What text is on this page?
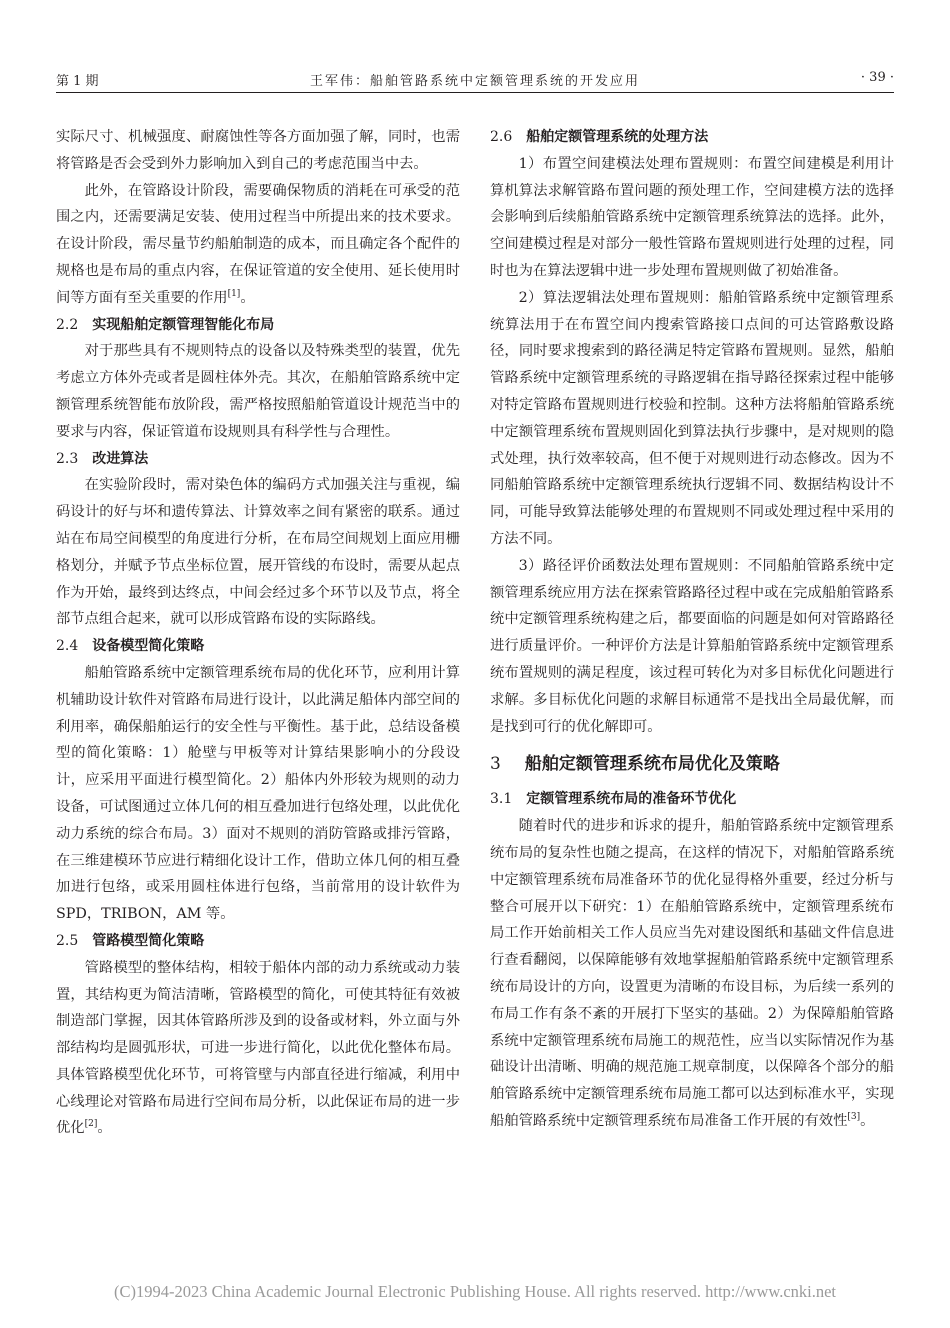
第 1 期	王军伟：船舶管路系统中定额管理系统的开发应用	· 39 ·

实际尺寸、机械强度、耐腐蚀性等各方面加强了解，同时，也需将管路是否会受到外力影响加入到自己的考虑范围当中去。

此外，在管路设计阶段，需要确保物质的消耗在可承受的范围之内，还需要满足安装、使用过程当中所提出来的技术要求。在设计阶段，需尽量节约船舶制造的成本，而且确定各个配件的规格也是布局的重点内容，在保证管道的安全使用、延长使用时间等方面有至关重要的作用[1]。

2.2 实现船舶定额管理智能化布局

对于那些具有不规则特点的设备以及特殊类型的装置，优先考虑立方体外壳或者是圆柱体外壳。其次，在船舶管路系统中定额管理系统智能布放阶段，需严格按照船舶管道设计规范当中的要求与内容，保证管道布设规则具有科学性与合理性。

2.3 改进算法

在实验阶段时，需对染色体的编码方式加强关注与重视，编码设计的好与坏和遗传算法、计算效率之间有紧密的联系。通过站在布局空间模型的角度进行分析，在布局空间规划上面应用栅格划分，并赋予节点坐标位置，展开管线的布设时，需要从起点作为开始，最终到达终点，中间会经过多个环节以及节点，将全部节点组合起来，就可以形成管路布设的实际路线。

2.4 设备模型简化策略

船舶管路系统中定额管理系统布局的优化环节，应利用计算机辅助设计软件对管路布局进行设计，以此满足船体内部空间的利用率，确保船舶运行的安全性与平衡性。基于此，总结设备模型的简化策略：1）舱壁与甲板等对计算结果影响小的分段设计，应采用平面进行模型简化。2）船体内外形较为规则的动力设备，可试图通过立体几何的相互叠加进行包络处理，以此优化动力系统的综合布局。3）面对不规则的消防管路或排污管路，在三维建模环节应进行精细化设计工作，借助立体几何的相互叠加进行包络，或采用圆柱体进行包络，当前常用的设计软件为 SPD，TRIBON，AM 等。

2.5 管路模型简化策略

管路模型的整体结构，相较于船体内部的动力系统或动力装置，其结构更为简洁清晰，管路模型的简化，可使其特征有效被制造部门掌握，因其体管路所涉及到的设备或材料，外立面与外部结构均是圆弧形状，可进一步进行简化，以此优化整体布局。具体管路模型优化环节，可将管壁与内部直径进行缩减，利用中心线理论对管路布局进行空间布局分析，以此保证布局的进一步优化[2]。

2.6 船舶定额管理系统的处理方法

1）布置空间建模法处理布置规则：布置空间建模是利用计算机算法求解管路布置问题的预处理工作，空间建模方法的选择会影响到后续船舶管路系统中定额管理系统算法的选择。此外，空间建模过程是对部分一般性管路布置规则进行处理的过程，同时也为在算法逻辑中进一步处理布置规则做了初始准备。

2）算法逻辑法处理布置规则：船舶管路系统中定额管理系统算法用于在布置空间内搜索管路接口点间的可达管路敷设路径，同时要求搜索到的路径满足特定管路布置规则。显然，船舶管路系统中定额管理系统的寻路逻辑在指导路径探索过程中能够对特定管路布置规则进行校验和控制。这种方法将船舶管路系统中定额管理系统布置规则固化到算法执行步骤中，是对规则的隐式处理，执行效率较高，但不便于对规则进行动态修改。因为不同船舶管路系统中定额管理系统执行逻辑不同、数据结构设计不同，可能导致算法能够处理的布置规则不同或处理过程中采用的方法不同。

3）路径评价函数法处理布置规则：不同船舶管路系统中定额管理系统应用方法在探索管路路径过程中或在完成船舶管路系统中定额管理系统构建之后，都要面临的问题是如何对管路路径进行质量评价。一种评价方法是计算船舶管路系统中定额管理系统布置规则的满足程度，该过程可转化为对多目标优化问题进行求解。多目标优化问题的求解目标通常不是找出全局最优解，而是找到可行的优化解即可。

3 船舶定额管理系统布局优化及策略
3.1 定额管理系统布局的准备环节优化

随着时代的进步和诉求的提升，船舶管路系统中定额管理系统布局的复杂性也随之提高，在这样的情况下，对船舶管路系统中定额管理系统布局准备环节的优化显得格外重要，经过分析与整合可展开以下研究：1）在船舶管路系统中，定额管理系统布局工作开始前相关工作人员应当先对建设图纸和基础文件信息进行查看翻阅，以保障能够有效地掌握船舶管路系统中定额管理系统布局设计的方向，设置更为清晰的布设目标，为后续一系列的布局工作有条不紊的开展打下坚实的基础。2）为保障船舶管路系统中定额管理系统布局施工的规范性，应当以实际情况作为基础设计出清晰、明确的规范施工规章制度，以保障各个部分的船舶管路系统中定额管理系统布局施工都可以达到标准水平，实现船舶管路系统中定额管理系统布局准备工作开展的有效性[3]。

(C)1994-2023 China Academic Journal Electronic Publishing House. All rights reserved. http://www.cnki.net
